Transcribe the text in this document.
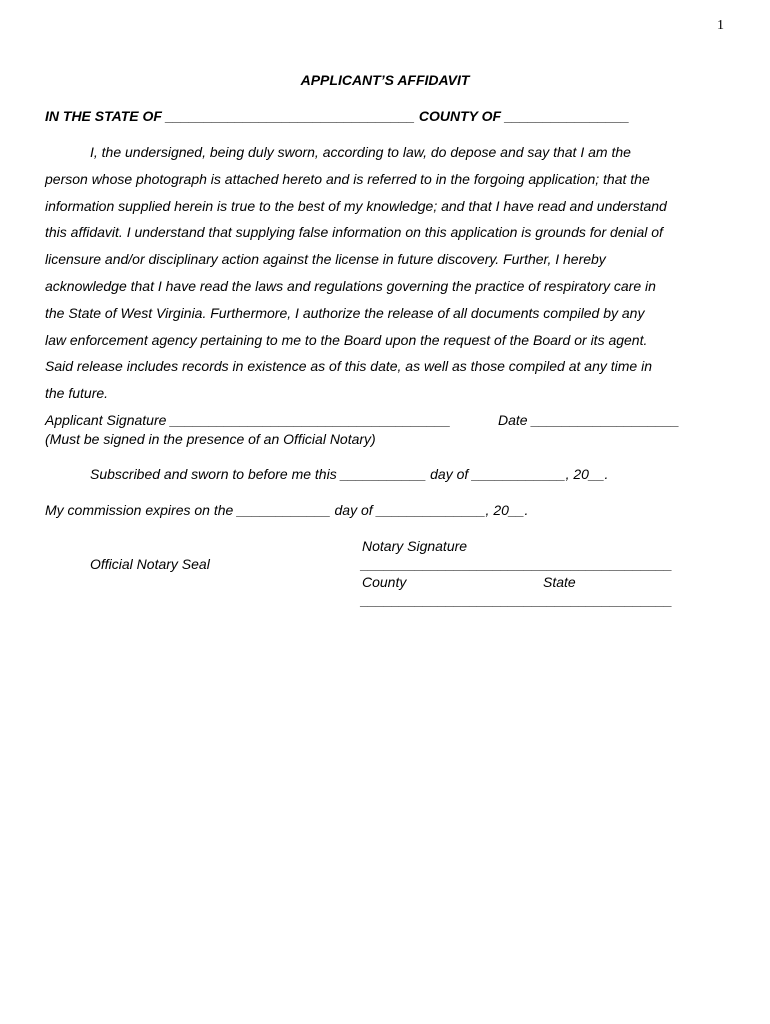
1
APPLICANT’S AFFIDAVIT
IN THE STATE OF ________________________________ COUNTY OF ________________
I, the undersigned, being duly sworn, according to law, do depose and say that I am the
person whose photograph is attached hereto and is referred to in the forgoing application; that the
information supplied herein is true to the best of my knowledge; and that I have read and understand
this affidavit. I understand that supplying false information on this application is grounds for denial of
licensure and/or disciplinary action against the license in future discovery. Further, I hereby
acknowledge that I have read the laws and regulations governing the practice of respiratory care in
the State of West Virginia. Furthermore, I authorize the release of all documents compiled by any
law enforcement agency pertaining to me to the Board upon the request of the Board or its agent.
Said release includes records in existence as of this date, as well as those compiled at any time in
the future.
Applicant Signature ____________________________________	Date ___________________
(Must be signed in the presence of an Official Notary)
Subscribed and sworn to before me this ___________ day of ____________, 20__.
My commission expires on the ____________ day of ______________, 20__.
Notary Signature
Official Notary Seal	________________________________________
County	State
________________________________________
